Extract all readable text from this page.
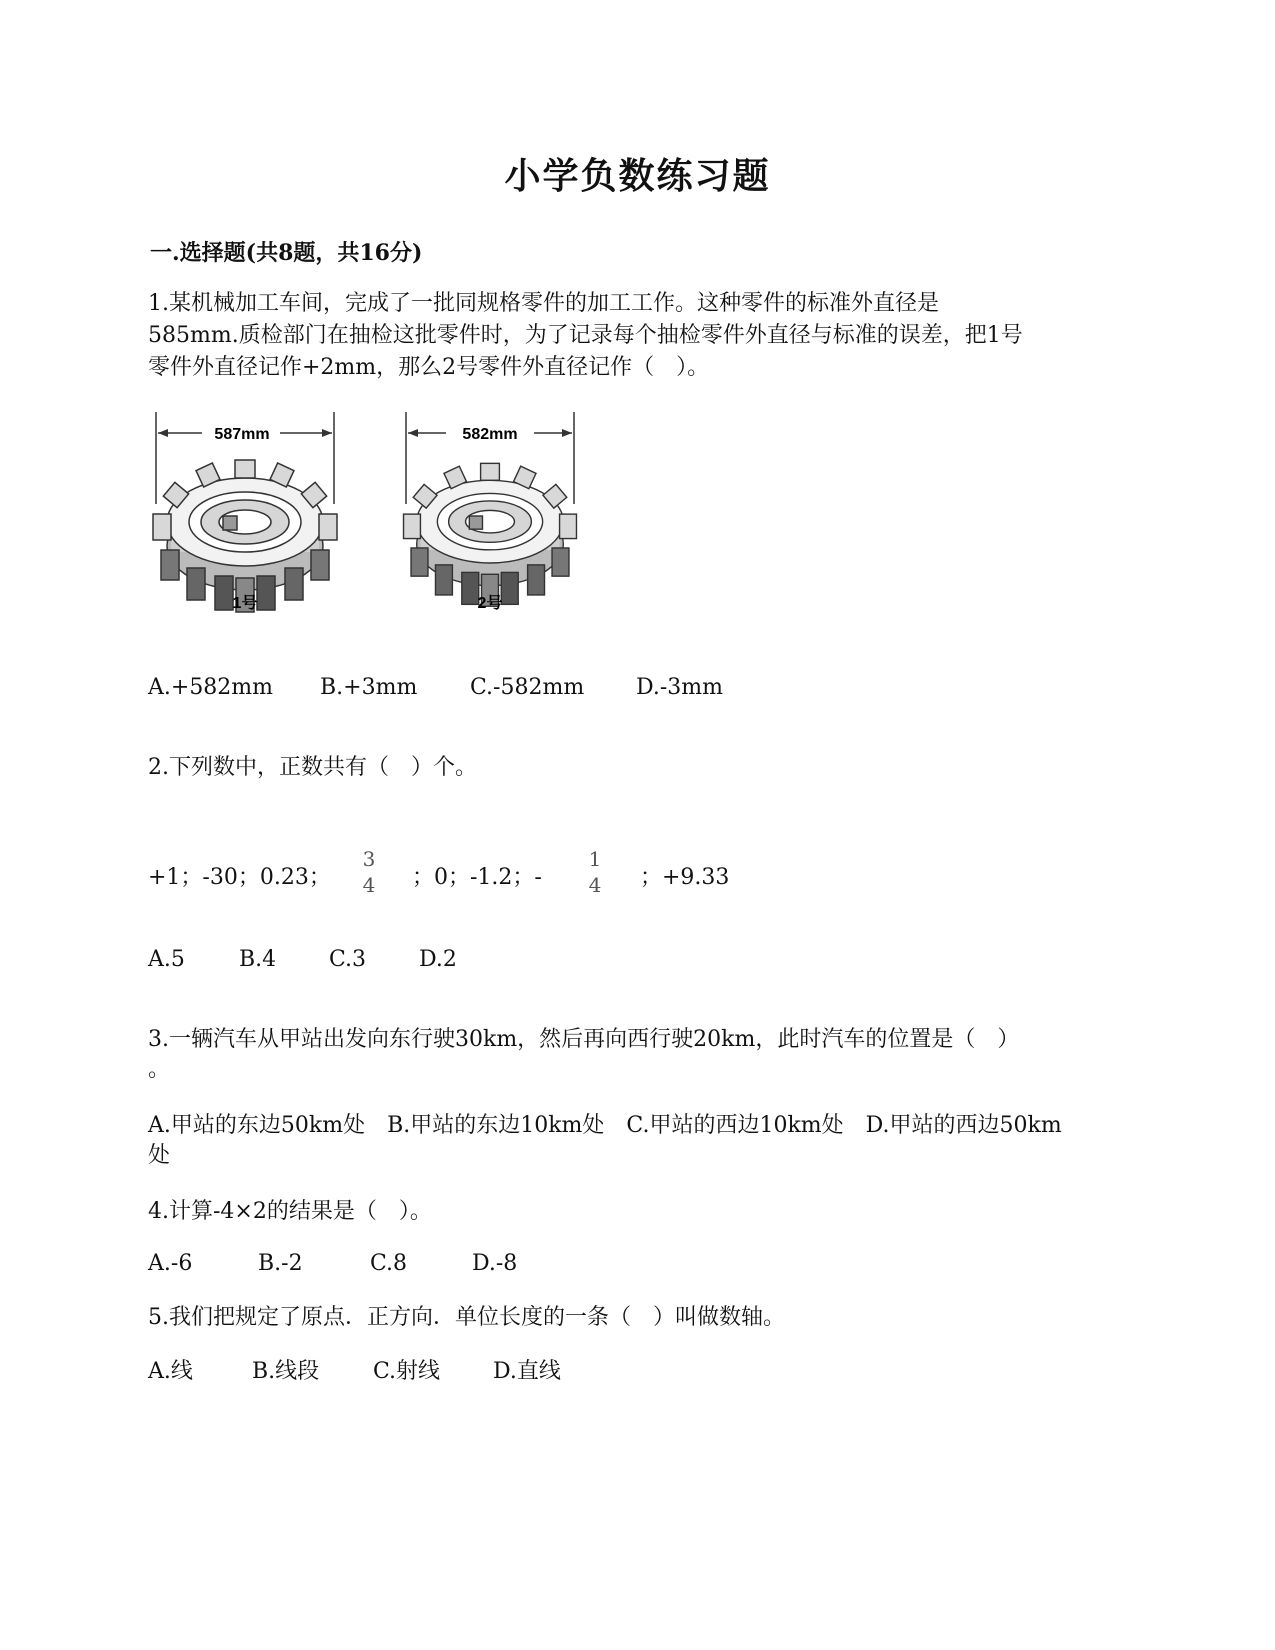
小学负数练习题
一.选择题(共8题，共16分)
1.某机械加工车间，完成了一批同规格零件的加工工作。这种零件的标准外直径是
585mm.质检部门在抽检这批零件时，为了记录每个抽检零件外直径与标准的误差，把1号
零件外直径记作+2mm，那么2号零件外直径记作（　）。
587mm
1号
582mm
2号
A.+582mm B.+3mm C.-582mm D.-3mm
2.下列数中，正数共有（　）个。
+1；-30；0.23；
3
4 ；0；-1.2；-
1
4 ；+9.33
A.5 B.4 C.3 D.2
3.一辆汽车从甲站出发向东行驶30km，然后再向西行驶20km，此时汽车的位置是（　）
。
A.甲站的东边50km处　B.甲站的东边10km处　C.甲站的西边10km处　D.甲站的西边50km
处
4.计算-4×2的结果是（　）。
A.-6	B.-2	C.8	D.-8
5.我们把规定了原点．正方向．单位长度的一条（　）叫做数轴。
A.线	B.线段 C.射线 D.直线
